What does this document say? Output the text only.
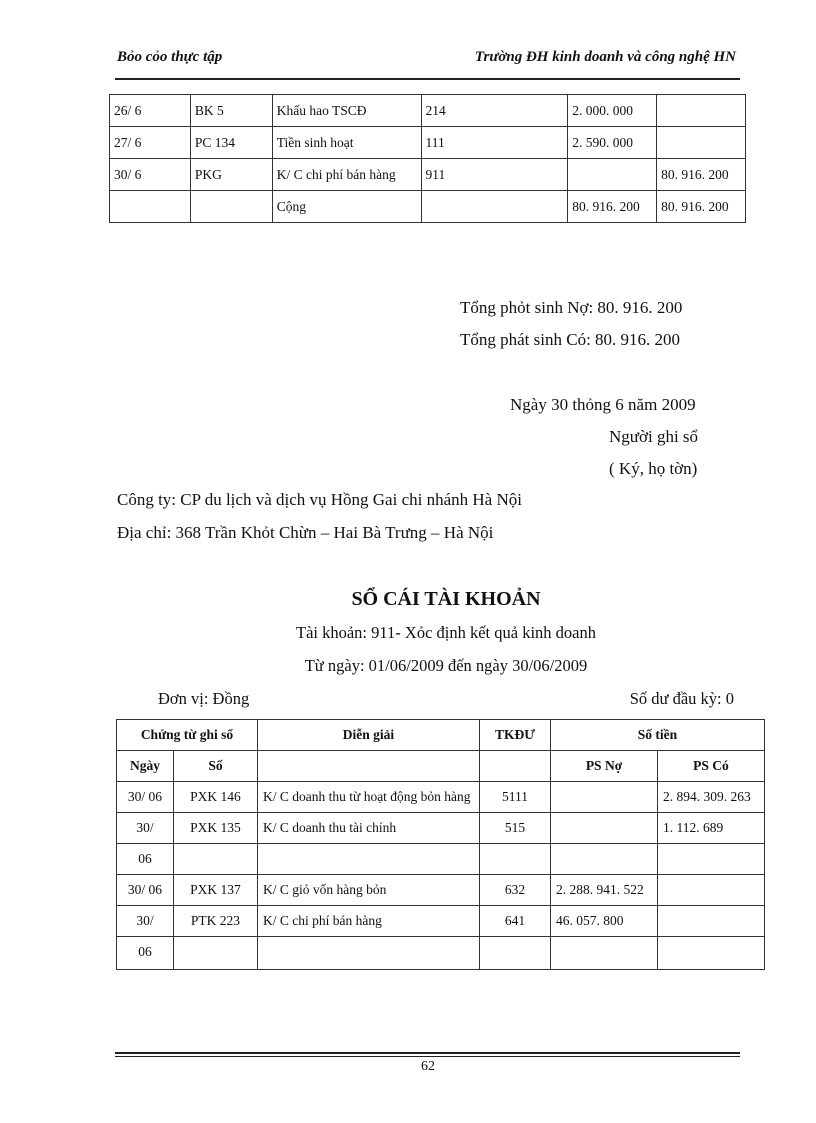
Bỏo cỏo thực tập	Trường ĐH kinh doanh và công nghệ HN
26/ 6	BK 5	Khấu hao TSCĐ	214	2. 000. 000	
27/ 6	PC 134	Tiền sinh hoạt	111	2. 590. 000	
30/ 6	PKG	K/ C chi phí bán hàng	911		80. 916. 200
		Cộng		80. 916. 200	80. 916. 200
Tổng phỏt sinh Nợ: 80. 916. 200
Tổng phát sinh Có: 80. 916. 200
Ngày 30 thỏng 6 năm 2009
Người ghi sổ
( Ký, họ tờn)
Công ty: CP du lịch và dịch vụ Hồng Gai chi nhánh Hà Nội
Địa chỉ: 368 Trần Khỏt Chừn – Hai Bà Trưng – Hà Nội
SỔ CÁI TÀI KHOẢN
Tài khoản: 911- Xỏc định kết quả kinh doanh
Từ ngày: 01/06/2009 đến ngày 30/06/2009
Đơn vị: Đồng	Số dư đầu kỳ: 0
Chứng từ ghi sổ		Diễn giải	TKĐƯ	Số tiền	
Ngày	Số			PS Nợ	PS Có
30/ 06	PXK 146	K/ C doanh thu từ hoạt động bỏn hàng	5111		2. 894. 309. 263
30/	PXK 135	K/ C doanh thu tài chính	515		1. 112. 689
06					
30/ 06	PXK 137	K/ C giỏ vốn hàng bỏn	632	2. 288. 941. 522	
30/	PTK 223	K/ C chi phí bán hàng	641	46. 057. 800	
06					
62
